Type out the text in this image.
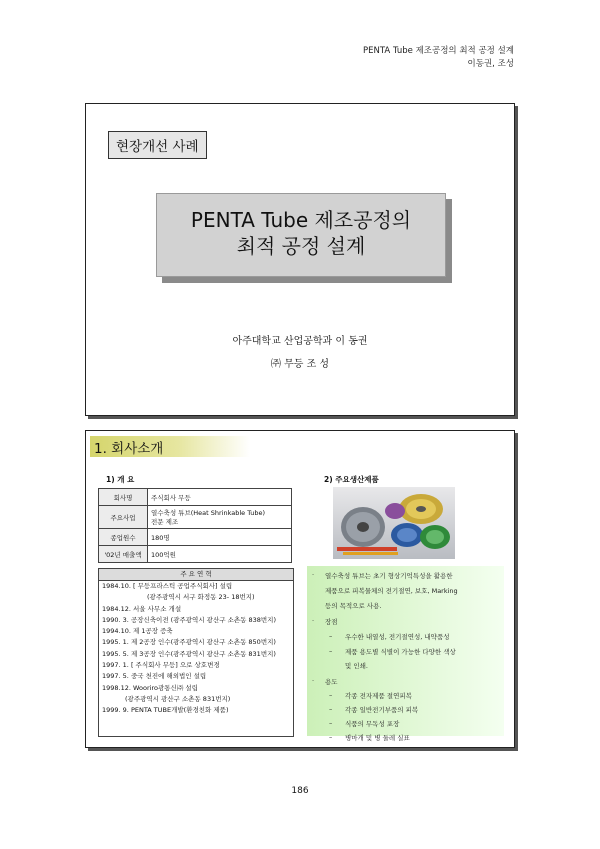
PENTA Tube 제조공정의 최적 공정 설계
이동권, 조성
현장개선 사례
PENTA Tube 제조공정의
최적 공정 설계
아주대학교 산업공학과 이 동권
㈜ 무등 조 성
1. 회사소개
1) 개 요	2) 주요생산제품
회사명	주식회사 무등
주요사업	열수축성 튜브(Heat Shrinkable Tube)
전문 제조

종업원수	180명
'02년 매출액	100억원
주 요 연 혁
1984.10. [ 무등프라스틱 공업주식회사] 설립
(광주광역시 서구 화정동 23- 18번지)
1984.12. 서울 사무소 개설
1990. 3. 공장신축이전 (광주광역시 광산구 소촌동 838번지)
1994.10. 제 1공장 증축
1995. 1. 제 2공장 인수(광주광역시 광산구 소촌동 850번지)
1995. 5. 제 3공장 인수(광주광역시 광산구 소촌동 831번지)
1997. 1. [ 주식회사 무등] 으로 상호변경
1997. 5. 중국 천진에 해외법인 설립
1998.12. Wooriro광통신㈜ 설립
(광주광역시 광산구 소촌동 831번지)
1999. 9. PENTA TUBE개발(환경친화 제품)
· 열수축성 튜브는 초기 형상기억특성을 활용한
제품으로 피복물체의 전기절연, 보호, Marking
등의 목적으로 사용.
· 장점
– 우수한 내열성, 전기절연성, 내약품성
– 제품 용도별 식별이 가능한 다양한 색상
및 인쇄.
· 용도
– 각종 전자제품 절연피복
– 각종 일반전기부품의 피복
– 식품의 무독성 포장
– 병마개 및 병 둘레 실표
186
